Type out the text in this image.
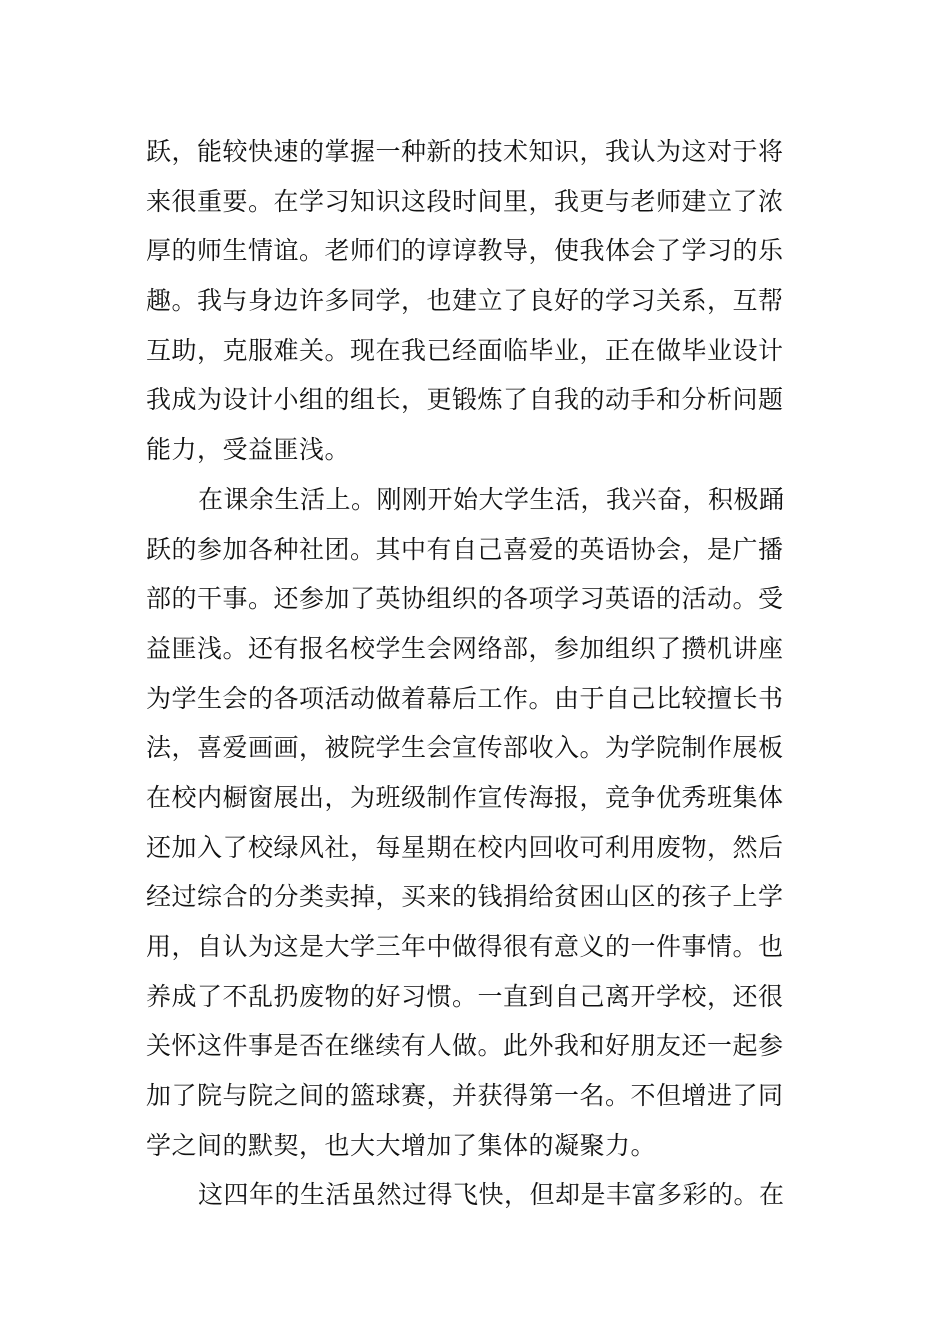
跃，能较快速的掌握一种新的技术知识，我认为这对于将
来很重要。在学习知识这段时间里，我更与老师建立了浓
厚的师生情谊。老师们的谆谆教导，使我体会了学习的乐
趣。我与身边许多同学，也建立了良好的学习关系，互帮
互助，克服难关。现在我已经面临毕业，正在做毕业设计
我成为设计小组的组长，更锻炼了自我的动手和分析问题
能力，受益匪浅。
在课余生活上。刚刚开始大学生活，我兴奋，积极踊
跃的参加各种社团。其中有自己喜爱的英语协会，是广播
部的干事。还参加了英协组织的各项学习英语的活动。受
益匪浅。还有报名校学生会网络部，参加组织了攒机讲座
为学生会的各项活动做着幕后工作。由于自己比较擅长书
法，喜爱画画，被院学生会宣传部收入。为学院制作展板
在校内橱窗展出，为班级制作宣传海报，竞争优秀班集体
还加入了校绿风社，每星期在校内回收可利用废物，然后
经过综合的分类卖掉，买来的钱捐给贫困山区的孩子上学
用，自认为这是大学三年中做得很有意义的一件事情。也
养成了不乱扔废物的好习惯。一直到自己离开学校，还很
关怀这件事是否在继续有人做。此外我和好朋友还一起参
加了院与院之间的篮球赛，并获得第一名。不但增进了同
学之间的默契，也大大增加了集体的凝聚力。
这四年的生活虽然过得飞快，但却是丰富多彩的。在
